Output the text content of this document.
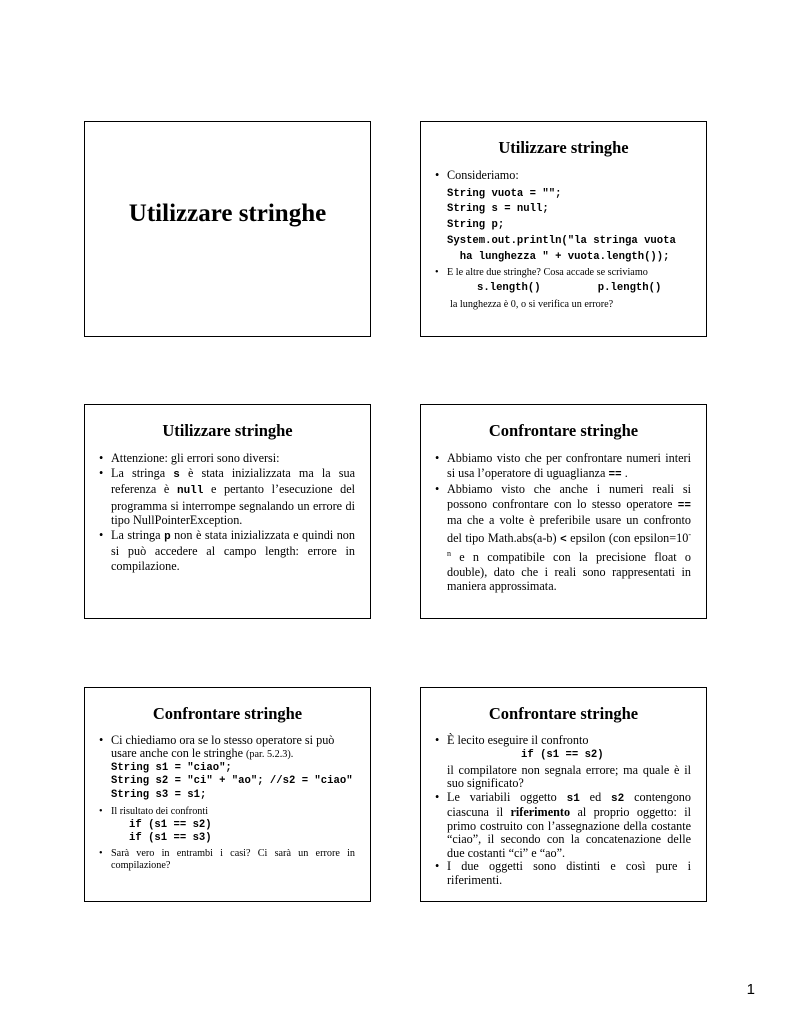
Utilizzare stringhe
Utilizzare stringhe
• Consideriamo:
String vuota = "";
String s = null;
String p;
System.out.println("la stringa vuota
ha lunghezza " + vuota.length());
• E le altre due stringhe? Cosa accade se scriviamo
s.length()         p.length()
la lunghezza è 0, o si verifica un errore?
Utilizzare stringhe
• Attenzione: gli errori sono diversi:
• La stringa s è stata inizializzata ma la sua referenza è null e pertanto l’esecuzione del programma si interrompe segnalando un errore di tipo NullPointerException.
• La stringa p non è stata inizializzata e quindi non si può accedere al campo length: errore in compilazione.
Confrontare stringhe
• Abbiamo visto che per confrontare numeri interi si usa l’operatore di uguaglianza == .
• Abbiamo visto che anche i numeri reali si possono confrontare con lo stesso operatore == ma che a volte è preferibile usare un confronto del tipo Math.abs(a-b) < epsilon (con $epsilon=10^{-n}$ e n compatibile con la precisione float o double), dato che i reali sono rappresentati in maniera approssimata.
Confrontare stringhe
• Ci chiediamo ora se lo stesso operatore si può usare anche con le stringhe (par. 5.2.3).
String s1 = "ciao";
String s2 = "ci" + "ao"; //s2 = "ciao"
String s3 = s1;
• Il risultato dei confronti
if (s1 == s2)
if (s1 == s3)
• Sarà vero in entrambi i casi? Ci sarà un errore in compilazione?
Confrontare stringhe
• È lecito eseguire il confronto
if (s1 == s2)
il compilatore non segnala errore; ma quale è il suo significato?
• Le variabili oggetto s1 ed s2 contengono ciascuna il riferimento al proprio oggetto: il primo costruito con l’assegnazione della costante “ciao”, il secondo con la concatenazione delle due costanti “ci” e “ao”.
• I due oggetti sono distinti e così pure i riferimenti.
1
